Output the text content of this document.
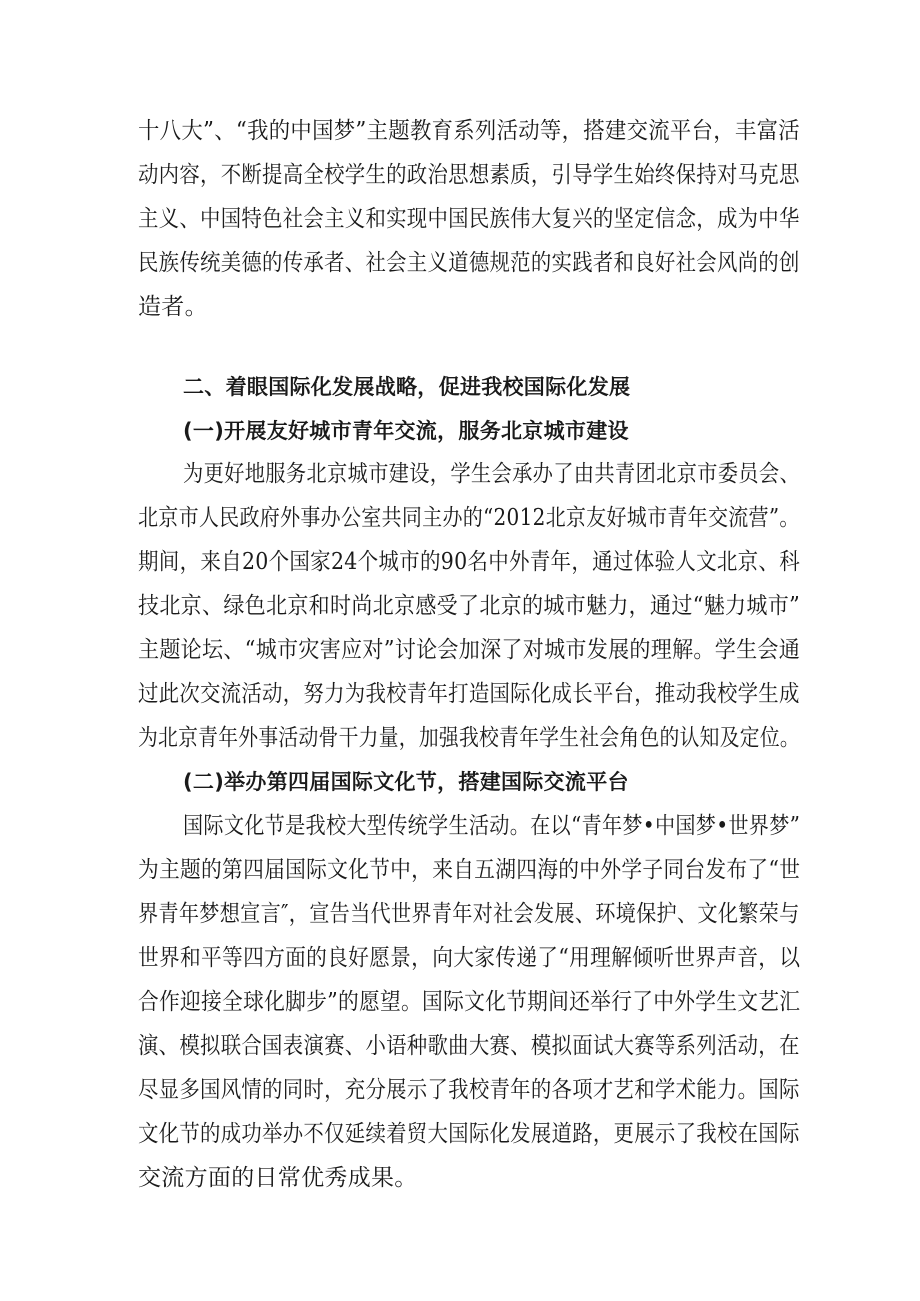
十八大”、“我的中国梦”主题教育系列活动等，搭建交流平台，丰富活
动内容，不断提高全校学生的政治思想素质，引导学生始终保持对马克思
主义、中国特色社会主义和实现中国民族伟大复兴的坚定信念，成为中华
民族传统美德的传承者、社会主义道德规范的实践者和良好社会风尚的创
造者。
二、着眼国际化发展战略，促进我校国际化发展
(一)开展友好城市青年交流，服务北京城市建设
为更好地服务北京城市建设，学生会承办了由共青团北京市委员会、
北京市人民政府外事办公室共同主办的“2012北京友好城市青年交流营”。
期间，来自20个国家24个城市的90名中外青年，通过体验人文北京、科
技北京、绿色北京和时尚北京感受了北京的城市魅力，通过“魅力城市”
主题论坛、“城市灾害应对”讨论会加深了对城市发展的理解。学生会通
过此次交流活动，努力为我校青年打造国际化成长平台，推动我校学生成
为北京青年外事活动骨干力量，加强我校青年学生社会角色的认知及定位。
(二)举办第四届国际文化节，搭建国际交流平台
国际文化节是我校大型传统学生活动。在以“青年梦•中国梦•世界梦”
为主题的第四届国际文化节中，来自五湖四海的中外学子同台发布了“世
界青年梦想宣言″，宣告当代世界青年对社会发展、环境保护、文化繁荣与
世界和平等四方面的良好愿景，向大家传递了“用理解倾听世界声音，以
合作迎接全球化脚步”的愿望。国际文化节期间还举行了中外学生文艺汇
演、模拟联合国表演赛、小语种歌曲大赛、模拟面试大赛等系列活动，在
尽显多国风情的同时，充分展示了我校青年的各项才艺和学术能力。国际
文化节的成功举办不仅延续着贸大国际化发展道路，更展示了我校在国际
交流方面的日常优秀成果。
